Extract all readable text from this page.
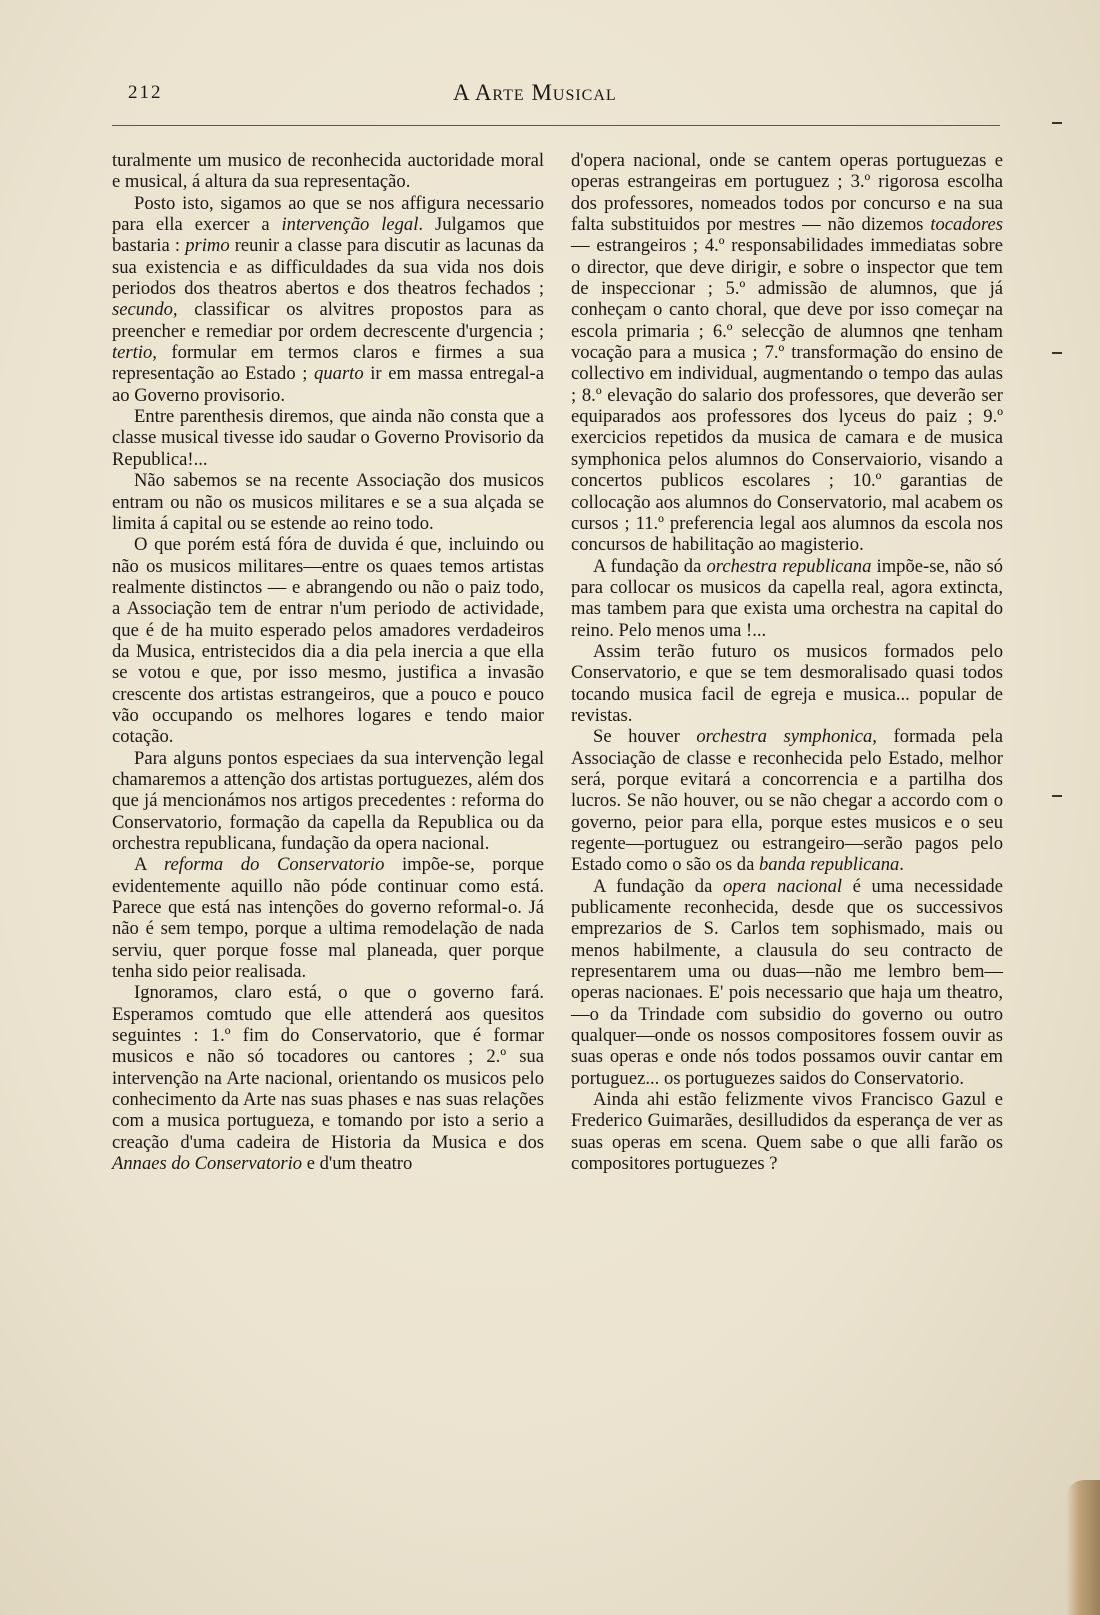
212	A Arte Musical

turalmente um musico de reconhecida auctoridade moral e musical, á altura da sua representação.

Posto isto, sigamos ao que se nos affigura necessario para ella exercer a intervenção legal. Julgamos que bastaria : primo reunir a classe para discutir as lacunas da sua existencia e as difficuldades da sua vida nos dois periodos dos theatros abertos e dos theatros fechados ; secundo, classificar os alvitres propostos para as preencher e remediar por ordem decrescente d'urgencia ; tertio, formular em termos claros e firmes a sua representação ao Estado ; quarto ir em massa entregal-a ao Governo provisorio.

Entre parenthesis diremos, que ainda não consta que a classe musical tivesse ido saudar o Governo Provisorio da Republica!...

Não sabemos se na recente Associação dos musicos entram ou não os musicos militares e se a sua alçada se limita á capital ou se estende ao reino todo.

O que porém está fóra de duvida é que, incluindo ou não os musicos militares—entre os quaes temos artistas realmente distinctos — e abrangendo ou não o paiz todo, a Associação tem de entrar n'um periodo de actividade, que é de ha muito esperado pelos amadores verdadeiros da Musica, entristecidos dia a dia pela inercia a que ella se votou e que, por isso mesmo, justifica a invasão crescente dos artistas estrangeiros, que a pouco e pouco vão occupando os melhores logares e tendo maior cotação.

Para alguns pontos especiaes da sua intervenção legal chamaremos a attenção dos artistas portuguezes, além dos que já mencionámos nos artigos precedentes : reforma do Conservatorio, formação da capella da Republica ou da orchestra republicana, fundação da opera nacional.

A reforma do Conservatorio impõe-se, porque evidentemente aquillo não póde continuar como está. Parece que está nas intenções do governo reformal-o. Já não é sem tempo, porque a ultima remodelação de nada serviu, quer porque fosse mal planeada, quer porque tenha sido peior realisada.

Ignoramos, claro está, o que o governo fará. Esperamos comtudo que elle attenderá aos quesitos seguintes : 1.º fim do Conservatorio, que é formar musicos e não só tocadores ou cantores ; 2.º sua intervenção na Arte nacional, orientando os musicos pelo conhecimento da Arte nas suas phases e nas suas relações com a musica portugueza, e tomando por isto a serio a creação d'uma cadeira de Historia da Musica e dos Annaes do Conservatorio e d'um theatro

d'opera nacional, onde se cantem operas portuguezas e operas estrangeiras em portuguez ; 3.º rigorosa escolha dos professores, nomeados todos por concurso e na sua falta substituidos por mestres — não dizemos tocadores — estrangeiros ; 4.º responsabilidades immediatas sobre o director, que deve dirigir, e sobre o inspector que tem de inspeccionar ; 5.º admissão de alumnos, que já conheçam o canto choral, que deve por isso começar na escola primaria ; 6.º selecção de alumnos qne tenham vocação para a musica ; 7.º transformação do ensino de collectivo em individual, augmentando o tempo das aulas ; 8.º elevação do salario dos professores, que deverão ser equiparados aos professores dos lyceus do paiz ; 9.º exercicios repetidos da musica de camara e de musica symphonica pelos alumnos do Conservaiorio, visando a concertos publicos escolares ; 10.º garantias de collocação aos alumnos do Conservatorio, mal acabem os cursos ; 11.º preferencia legal aos alumnos da escola nos concursos de habilitação ao magisterio.

A fundação da orchestra republicana impõe-se, não só para collocar os musicos da capella real, agora extincta, mas tambem para que exista uma orchestra na capital do reino. Pelo menos uma !...

Assim terão futuro os musicos formados pelo Conservatorio, e que se tem desmoralisado quasi todos tocando musica facil de egreja e musica... popular de revistas.

Se houver orchestra symphonica, formada pela Associação de classe e reconhecida pelo Estado, melhor será, porque evitará a concorrencia e a partilha dos lucros. Se não houver, ou se não chegar a accordo com o governo, peior para ella, porque estes musicos e o seu regente—portuguez ou estrangeiro—serão pagos pelo Estado como o são os da banda republicana.

A fundação da opera nacional é uma necessidade publicamente reconhecida, desde que os successivos emprezarios de S. Carlos tem sophismado, mais ou menos habilmente, a clausula do seu contracto de representarem uma ou duas—não me lembro bem—operas nacionaes. E' pois necessario que haja um theatro,—o da Trindade com subsidio do governo ou outro qualquer—onde os nossos compositores fossem ouvir as suas operas e onde nós todos possamos ouvir cantar em portuguez... os portuguezes saidos do Conservatorio.

Ainda ahi estão felizmente vivos Francisco Gazul e Frederico Guimarães, desilludidos da esperança de ver as suas operas em scena. Quem sabe o que alli farão os compositores portuguezes ?
